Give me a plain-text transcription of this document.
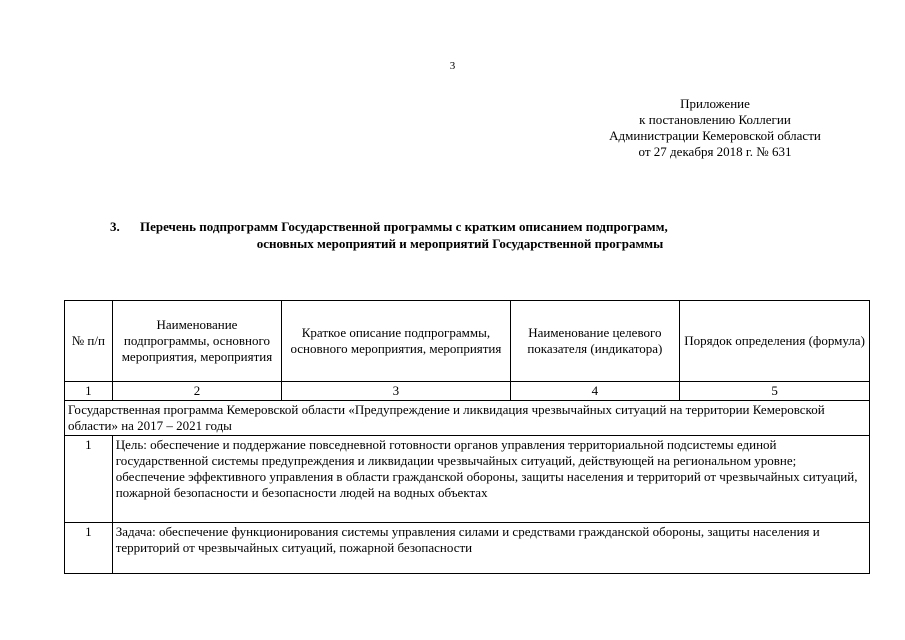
3
Приложение
к постановлению Коллегии
Администрации Кемеровской области
от 27 декабря 2018 г. № 631
3. Перечень подпрограмм Государственной программы с кратким описанием подпрограмм,
основных мероприятий и мероприятий Государственной программы
№ п/п	Наименование подпрограммы, основного мероприятия, мероприятия	Краткое описание подпрограммы, основного мероприятия, мероприятия	Наименование целевого показателя (индикатора)	Порядок определения (формула)
1	2	3	4	5
Государственная программа Кемеровской области «Предупреждение и ликвидация чрезвычайных ситуаций на территории Кемеровской области» на 2017 – 2021 годы				
1	Цель: обеспечение и поддержание повседневной готовности органов управления территориальной подсистемы единой государственной системы предупреждения и ликвидации чрезвычайных ситуаций, действующей на региональном уровне;
обеспечение эффективного управления в области гражданской обороны, защиты населения и территорий от чрезвычайных ситуаций, пожарной безопасности и безопасности людей на водных объектах			

1	Задача: обеспечение функционирования системы управления силами и средствами гражданской обороны, защиты населения и территорий от чрезвычайных ситуаций, пожарной безопасности			
